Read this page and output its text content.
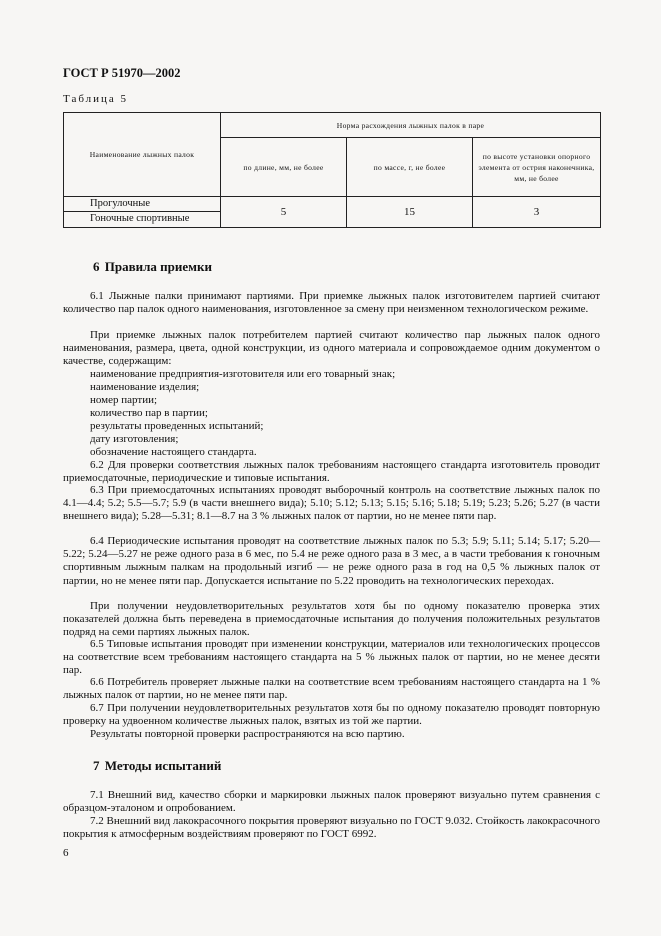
ГОСТ Р 51970—2002
Таблица 5
Наименование лыжных палок	Норма расхождения лыжных палок в паре		
	по длине, мм, не более	по массе, г, не более	по высоте установки опорного элемента от острия наконечника, мм, не более

Прогулочные
Гоночные спортивные	5	15	3
6 Правила приемки
6.1 Лыжные палки принимают партиями. При приемке лыжных палок изготовителем партией считают количество пар палок одного наименования, изготовленное за смену при неизменном технологическом режиме.
При приемке лыжных палок потребителем партией считают количество пар лыжных палок одного наименования, размера, цвета, одной конструкции, из одного материала и сопровождаемое одним документом о качестве, содержащим:
наименование предприятия-изготовителя или его товарный знак;
наименование изделия;
номер партии;
количество пар в партии;
результаты проведенных испытаний;
дату изготовления;
обозначение настоящего стандарта.
6.2 Для проверки соответствия лыжных палок требованиям настоящего стандарта изготовитель проводит приемосдаточные, периодические и типовые испытания.
6.3 При приемосдаточных испытаниях проводят выборочный контроль на соответствие лыжных палок по 4.1—4.4; 5.2; 5.5—5.7; 5.9 (в части внешнего вида); 5.10; 5.12; 5.13; 5.15; 5.16; 5.18; 5.19; 5.23; 5.26; 5.27 (в части внешнего вида); 5.28—5.31; 8.1—8.7 на 3 % лыжных палок от партии, но не менее пяти пар.
6.4 Периодические испытания проводят на соответствие лыжных палок по 5.3; 5.9; 5.11; 5.14; 5.17; 5.20—5.22; 5.24—5.27 не реже одного раза в 6 мес, по 5.4 не реже одного раза в 3 мес, а в части требования к гоночным спортивным лыжным палкам на продольный изгиб — не реже одного раза в год на 0,5 % лыжных палок от партии, но не менее пяти пар. Допускается испытание по 5.22 проводить на технологических переходах.
При получении неудовлетворительных результатов хотя бы по одному показателю проверка этих показателей должна быть переведена в приемосдаточные испытания до получения положительных результатов подряд на семи партиях лыжных палок.
6.5 Типовые испытания проводят при изменении конструкции, материалов или технологических процессов на соответствие всем требованиям настоящего стандарта на 5 % лыжных палок от партии, но не менее десяти пар.
6.6 Потребитель проверяет лыжные палки на соответствие всем требованиям настоящего стандарта на 1 % лыжных палок от партии, но не менее пяти пар.
6.7 При получении неудовлетворительных результатов хотя бы по одному показателю проводят повторную проверку на удвоенном количестве лыжных палок, взятых из той же партии.
Результаты повторной проверки распространяются на всю партию.
7 Методы испытаний
7.1 Внешний вид, качество сборки и маркировки лыжных палок проверяют визуально путем сравнения с образцом-эталоном и опробованием.
7.2 Внешний вид лакокрасочного покрытия проверяют визуально по ГОСТ 9.032. Стойкость лакокрасочного покрытия к атмосферным воздействиям проверяют по ГОСТ 6992.
6
